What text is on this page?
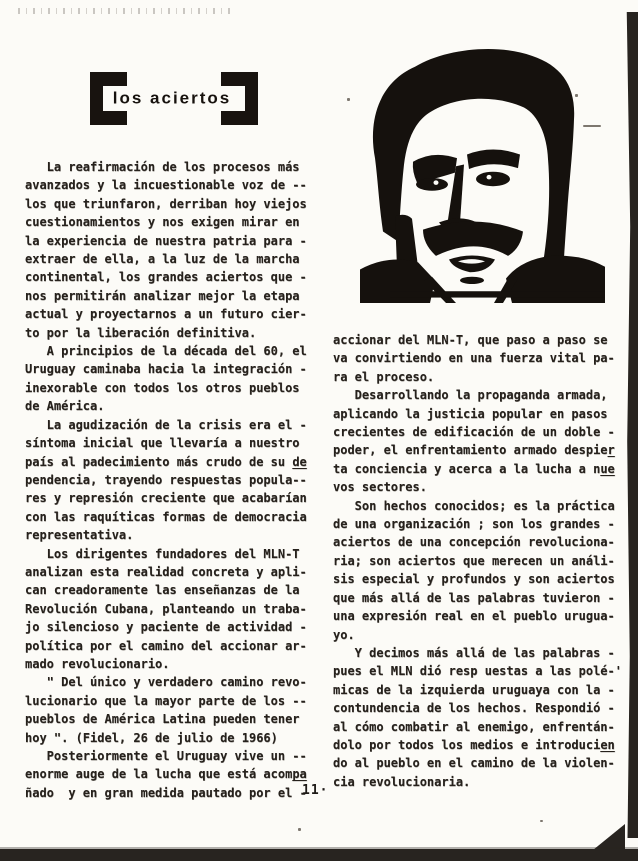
los aciertos
La reafirmación de los procesos más
avanzados y la incuestionable voz de --
los que triunfaron, derriban hoy viejos
cuestionamientos y nos exigen mirar en
la experiencia de nuestra patria para -
extraer de ella, a la luz de la marcha
continental, los grandes aciertos que -
nos permitirán analizar mejor la etapa
actual y proyectarnos a un futuro cier-
to por la liberación definitiva.
A principios de la década del 60, el
Uruguay caminaba hacia la integración -
inexorable con todos los otros pueblos
de América.
La agudización de la crisis era el -
síntoma inicial que llevaría a nuestro
país al padecimiento más crudo de su de
pendencia, trayendo respuestas popula--
res y represión creciente que acabarían
con las raquíticas formas de democracia
representativa.
Los dirigentes fundadores del MLN-T
analizan esta realidad concreta y apli-
can creadoramente las enseñanzas de la
Revolución Cubana, planteando un traba-
jo silencioso y paciente de actividad -
política por el camino del accionar ar-
mado revolucionario.
" Del único y verdadero camino revo-
lucionario que la mayor parte de los --
pueblos de América Latina pueden tener
hoy ". (Fidel, 26 de julio de 1966)
Posteriormente el Uruguay vive un --
enorme auge de la lucha que está acompa
ñado  y en gran medida pautado por el -
accionar del MLN-T, que paso a paso se
va convirtiendo en una fuerza vital pa-
ra el proceso.
Desarrollando la propaganda armada,
aplicando la justicia popular en pasos
crecientes de edificación de un doble -
poder, el enfrentamiento armado despier
ta conciencia y acerca a la lucha a nue
vos sectores.
Son hechos conocidos; es la práctica
de una organización ; son los grandes -
aciertos de una concepción revoluciona-
ria; son aciertos que merecen un análi-
sis especial y profundos y son aciertos
que más allá de las palabras tuvieron -
una expresión real en el pueblo urugua-
yo.
Y decimos más allá de las palabras -
pues el MLN dió resp uestas a las polé-'
micas de la izquierda uruguaya con la -
contundencia de los hechos. Respondió -
al cómo combatir al enemigo, enfrentán-
dolo por todos los medios e introducien
do al pueblo en el camino de la violen-
cia revolucionaria.
11·
